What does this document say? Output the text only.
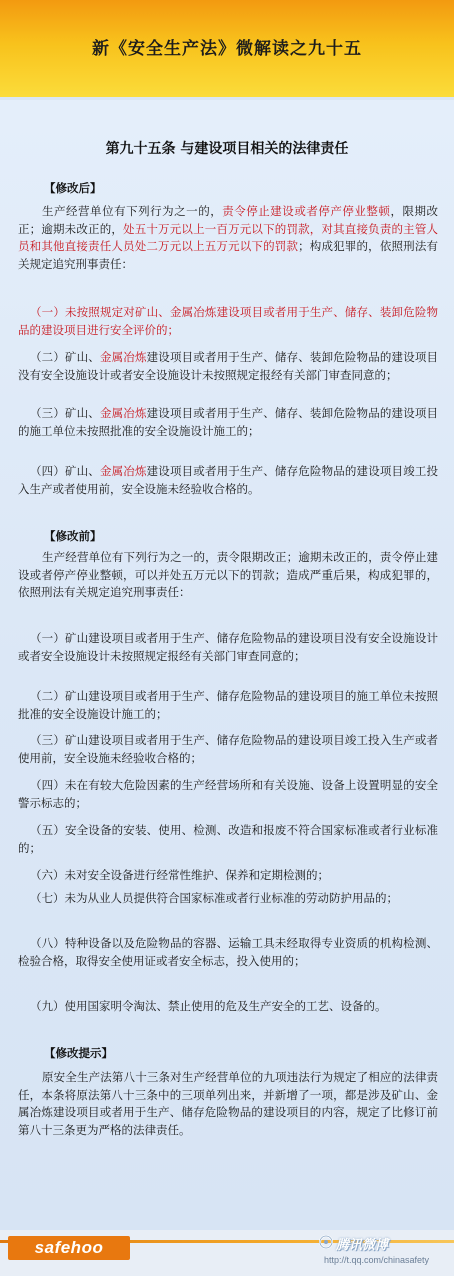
新《安全生产法》微解读之九十五
第九十五条 与建设项目相关的法律责任
【修改后】

生产经营单位有下列行为之一的，责令停止建设或者停产停业整顿，限期改正；逾期未改正的，处五十万元以上一百万元以下的罚款，对其直接负责的主管人员和其他直接责任人员处二万元以上五万元以下的罚款；构成犯罪的，依照刑法有关规定追究刑事责任：

（一）未按照规定对矿山、金属冶炼建设项目或者用于生产、储存、装卸危险物品的建设项目进行安全评价的；

（二）矿山、金属冶炼建设项目或者用于生产、储存、装卸危险物品的建设项目没有安全设施设计或者安全设施设计未按照规定报经有关部门审查同意的；

（三）矿山、金属冶炼建设项目或者用于生产、储存、装卸危险物品的建设项目的施工单位未按照批准的安全设施设计施工的；

（四）矿山、金属冶炼建设项目或者用于生产、储存危险物品的建设项目竣工投入生产或者使用前，安全设施未经验收合格的。

【修改前】

生产经营单位有下列行为之一的，责令限期改正；逾期未改正的，责令停止建设或者停产停业整顿，可以并处五万元以下的罚款；造成严重后果，构成犯罪的，依照刑法有关规定追究刑事责任：

（一）矿山建设项目或者用于生产、储存危险物品的建设项目没有安全设施设计或者安全设施设计未按照规定报经有关部门审查同意的；

（二）矿山建设项目或者用于生产、储存危险物品的建设项目的施工单位未按照批准的安全设施设计施工的；

（三）矿山建设项目或者用于生产、储存危险物品的建设项目竣工投入生产或者使用前，安全设施未经验收合格的；

（四）未在有较大危险因素的生产经营场所和有关设施、设备上设置明显的安全警示标志的；

（五）安全设备的安装、使用、检测、改造和报废不符合国家标准或者行业标准的；

（六）未对安全设备进行经常性维护、保养和定期检测的；

（七）未为从业人员提供符合国家标准或者行业标准的劳动防护用品的；

（八）特种设备以及危险物品的容器、运输工具未经取得专业资质的机构检测、检验合格，取得安全使用证或者安全标志，投入使用的；

（九）使用国家明令淘汰、禁止使用的危及生产安全的工艺、设备的。

【修改提示】

原安全生产法第八十三条对生产经营单位的九项违法行为规定了相应的法律责任，本条将原法第八十三条中的三项单列出来，并新增了一项，都是涉及矿山、金属冶炼建设项目或者用于生产、储存危险物品的建设项目的内容，规定了比修订前第八十三条更为严格的法律责任。

safehoo	腾讯微博
http://t.qq.com/chinasafety
